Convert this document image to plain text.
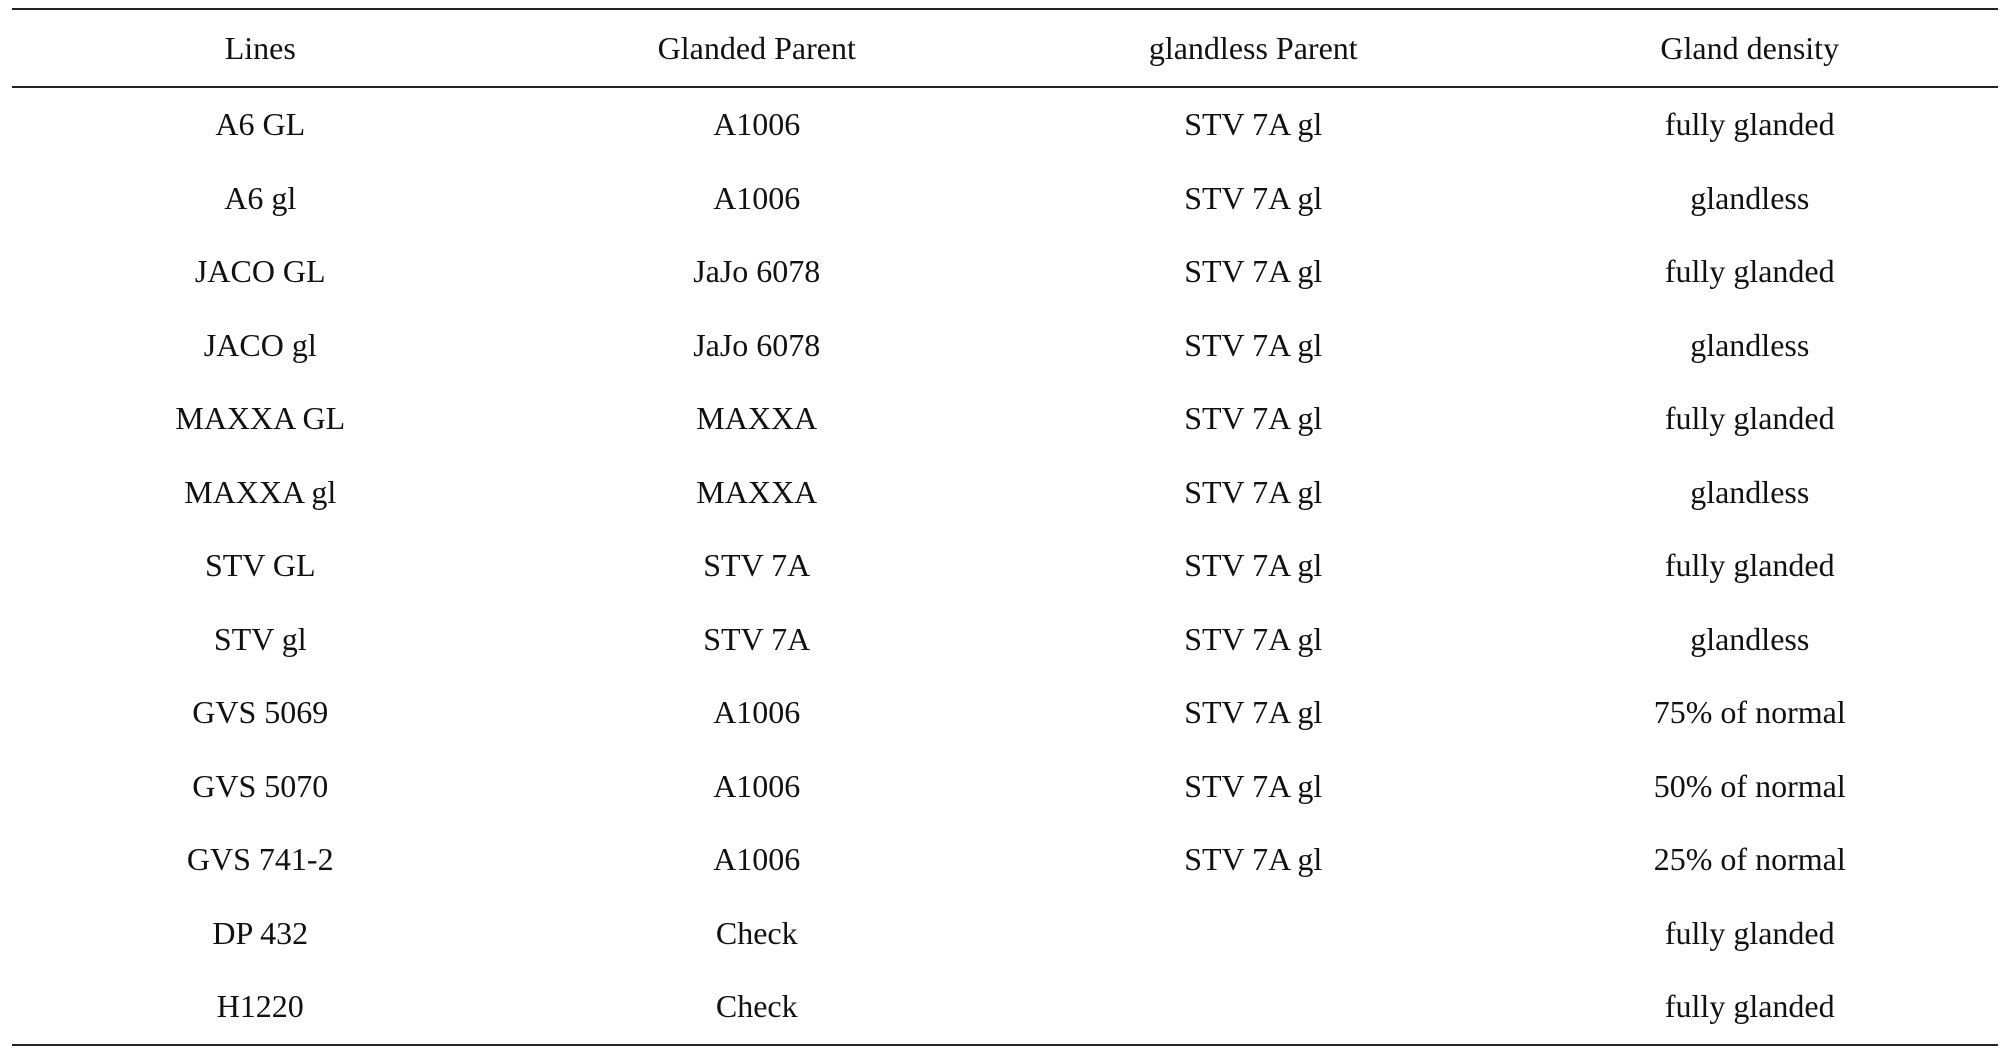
Lines	Glanded Parent	glandless Parent	Gland density
A6 GL	A1006	STV 7A gl	fully glanded
A6 gl	A1006	STV 7A gl	glandless
JACO GL	JaJo 6078	STV 7A gl	fully glanded
JACO gl	JaJo 6078	STV 7A gl	glandless
MAXXA GL	MAXXA	STV 7A gl	fully glanded
MAXXA gl	MAXXA	STV 7A gl	glandless
STV GL	STV 7A	STV 7A gl	fully glanded
STV gl	STV 7A	STV 7A gl	glandless
GVS 5069	A1006	STV 7A gl	75% of normal
GVS 5070	A1006	STV 7A gl	50% of normal
GVS 741-2	A1006	STV 7A gl	25% of normal
DP 432	Check		fully glanded
H1220	Check		fully glanded
